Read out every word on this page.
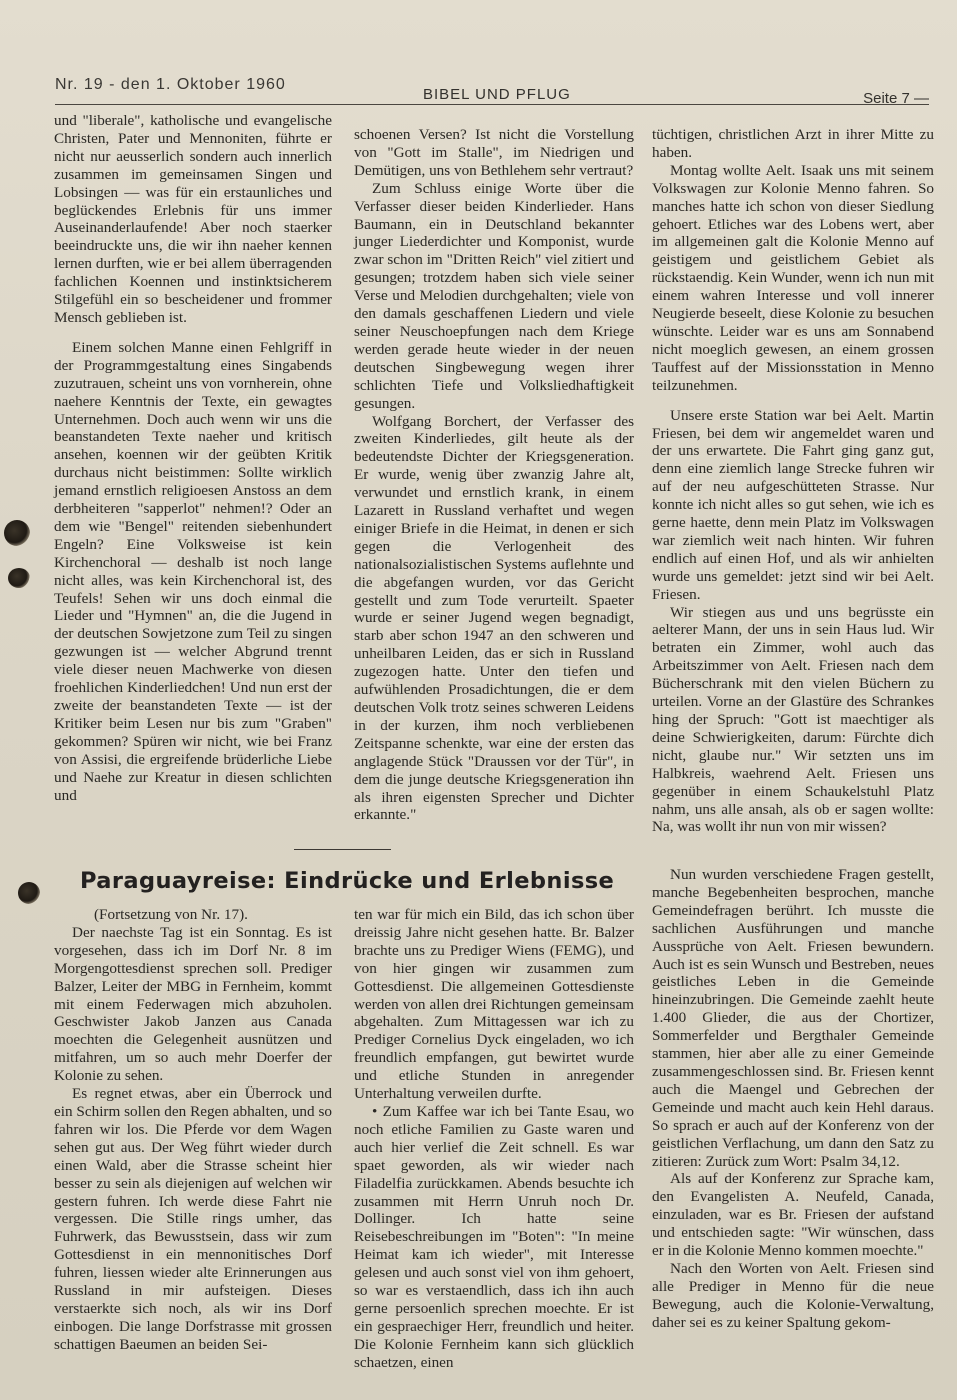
Nr. 19 - den 1. Oktober 1960
BIBEL UND PFLUG	Seite 7 —

und "liberale", katholische und evangelische Christen, Pater und Mennoniten, führte er nicht nur aeusserlich sondern auch innerlich zusammen im gemeinsamen Singen und Lobsingen — was für ein erstaunliches und beglückendes Erlebnis für uns immer Auseinanderlaufende! Aber noch staerker beeindruckte uns, die wir ihn naeher kennen lernen durften, wie er bei allem überragenden fachlichen Koennen und instinktsicherem Stilgefühl ein so bescheidener und frommer Mensch geblieben ist.

Einem solchen Manne einen Fehlgriff in der Programmgestaltung eines Singabends zuzutrauen, scheint uns von vornherein, ohne naehere Kenntnis der Texte, ein gewagtes Unternehmen. Doch auch wenn wir uns die beanstandeten Texte naeher und kritisch ansehen, koennen wir der geübten Kritik durchaus nicht beistimmen: Sollte wirklich jemand ernstlich religioesen Anstoss an dem derbheiteren "sapperlot" nehmen!? Oder an dem wie "Bengel" reitenden siebenhundert Engeln? Eine Volksweise ist kein Kirchenchoral — deshalb ist noch lange nicht alles, was kein Kirchenchoral ist, des Teufels! Sehen wir uns doch einmal die Lieder und "Hymnen" an, die die Jugend in der deutschen Sowjetzone zum Teil zu singen gezwungen ist — welcher Abgrund trennt viele dieser neuen Machwerke von diesen froehlichen Kinderliedchen! Und nun erst der zweite der beanstandeten Texte — ist der Kritiker beim Lesen nur bis zum "Graben" gekommen? Spüren wir nicht, wie bei Franz von Assisi, die ergreifende brüderliche Liebe und Naehe zur Kreatur in diesen schlichten und

schoenen Versen? Ist nicht die Vorstellung von "Gott im Stalle", im Niedrigen und Demütigen, uns von Bethlehem sehr vertraut?

Zum Schluss einige Worte über die Verfasser dieser beiden Kinderlieder. Hans Baumann, ein in Deutschland bekannter junger Liederdichter und Komponist, wurde zwar schon im "Dritten Reich" viel zitiert und gesungen; trotzdem haben sich viele seiner Verse und Melodien durchgehalten; viele von den damals geschaffenen Liedern und viele seiner Neuschoepfungen nach dem Kriege werden gerade heute wieder in der neuen deutschen Singbewegung wegen ihrer schlichten Tiefe und Volksliedhaftigkeit gesungen.

Wolfgang Borchert, der Verfasser des zweiten Kinderliedes, gilt heute als der bedeutendste Dichter der Kriegsgeneration. Er wurde, wenig über zwanzig Jahre alt, verwundet und ernstlich krank, in einem Lazarett in Russland verhaftet und wegen einiger Briefe in die Heimat, in denen er sich gegen die Verlogenheit des nationalsozialistischen Systems auflehnte und die abgefangen wurden, vor das Gericht gestellt und zum Tode verurteilt. Spaeter wurde er seiner Jugend wegen begnadigt, starb aber schon 1947 an den schweren und unheilbaren Leiden, das er sich in Russland zugezogen hatte. Unter den tiefen und aufwühlenden Prosadichtungen, die er dem deutschen Volk trotz seines schweren Leidens in der kurzen, ihm noch verbliebenen Zeitspanne schenkte, war eine der ersten das anglagende Stück "Draussen vor der Tür", in dem die junge deutsche Kriegsgeneration ihn als ihren eigensten Sprecher und Dichter erkannte."

tüchtigen, christlichen Arzt in ihrer Mitte zu haben.

Montag wollte Aelt. Isaak uns mit seinem Volkswagen zur Kolonie Menno fahren. So manches hatte ich schon von dieser Siedlung gehoert. Etliches war des Lobens wert, aber im allgemeinen galt die Kolonie Menno auf geistigem und geistlichem Gebiet als rückstaendig. Kein Wunder, wenn ich nun mit einem wahren Interesse und voll innerer Neugierde beseelt, diese Kolonie zu besuchen wünschte. Leider war es uns am Sonnabend nicht moeglich gewesen, an einem grossen Tauffest auf der Missionsstation in Menno teilzunehmen.

Unsere erste Station war bei Aelt. Martin Friesen, bei dem wir angemeldet waren und der uns erwartete. Die Fahrt ging ganz gut, denn eine ziemlich lange Strecke fuhren wir auf der neu aufgeschütteten Strasse. Nur konnte ich nicht alles so gut sehen, wie ich es gerne haette, denn mein Platz im Volkswagen war ziemlich weit nach hinten. Wir fuhren endlich auf einen Hof, und als wir anhielten wurde uns gemeldet: jetzt sind wir bei Aelt. Friesen.

Wir stiegen aus und uns begrüsste ein aelterer Mann, der uns in sein Haus lud. Wir betraten ein Zimmer, wohl auch das Arbeitszimmer von Aelt. Friesen nach dem Bücherschrank mit den vielen Büchern zu urteilen. Vorne an der Glastüre des Schrankes hing der Spruch: "Gott ist maechtiger als deine Schwierigkeiten, darum: Fürchte dich nicht, glaube nur." Wir setzten uns im Halbkreis, waehrend Aelt. Friesen uns gegenüber in einem Schaukelstuhl Platz nahm, uns alle ansah, als ob er sagen wollte: Na, was wollt ihr nun von mir wissen?

Paraguayreise: Eindrücke und Erlebnisse

(Fortsetzung von Nr. 17).

Der naechste Tag ist ein Sonntag. Es ist vorgesehen, dass ich im Dorf Nr. 8 im Morgengottesdienst sprechen soll. Prediger Balzer, Leiter der MBG in Fernheim, kommt mit einem Federwagen mich abzuholen. Geschwister Jakob Janzen aus Canada moechten die Gelegenheit ausnützen und mitfahren, um so auch mehr Doerfer der Kolonie zu sehen.

Es regnet etwas, aber ein Überrock und ein Schirm sollen den Regen abhalten, und so fahren wir los. Die Pferde vor dem Wagen sehen gut aus. Der Weg führt wieder durch einen Wald, aber die Strasse scheint hier besser zu sein als diejenigen auf welchen wir gestern fuhren. Ich werde diese Fahrt nie vergessen. Die Stille rings umher, das Fuhrwerk, das Bewusstsein, dass wir zum Gottesdienst in ein mennonitisches Dorf fuhren, liessen wieder alte Erinnerungen aus Russland in mir aufsteigen. Dieses verstaerkte sich noch, als wir ins Dorf einbogen. Die lange Dorfstrasse mit grossen schattigen Baeumen an beiden Sei-

ten war für mich ein Bild, das ich schon über dreissig Jahre nicht gesehen hatte. Br. Balzer brachte uns zu Prediger Wiens (FEMG), und von hier gingen wir zusammen zum Gottesdienst. Die allgemeinen Gottesdienste werden von allen drei Richtungen gemeinsam abgehalten. Zum Mittagessen war ich zu Prediger Cornelius Dyck eingeladen, wo ich freundlich empfangen, gut bewirtet wurde und etliche Stunden in anregender Unterhaltung verweilen durfte.

• Zum Kaffee war ich bei Tante Esau, wo noch etliche Familien zu Gaste waren und auch hier verlief die Zeit schnell. Es war spaet geworden, als wir wieder nach Filadelfia zurückkamen. Abends besuchte ich zusammen mit Herrn Unruh noch Dr. Dollinger. Ich hatte seine Reisebeschreibungen im "Boten": "In meine Heimat kam ich wieder", mit Interesse gelesen und auch sonst viel von ihm gehoert, so war es verstaendlich, dass ich ihn auch gerne persoenlich sprechen moechte. Er ist ein gespraechiger Herr, freundlich und heiter. Die Kolonie Fernheim kann sich glücklich schaetzen, einen

Nun wurden verschiedene Fragen gestellt, manche Begebenheiten besprochen, manche Gemeindefragen berührt. Ich musste die sachlichen Ausführungen und manche Aussprüche von Aelt. Friesen bewundern. Auch ist es sein Wunsch und Bestreben, neues geistliches Leben in die Gemeinde hineinzubringen. Die Gemeinde zaehlt heute 1.400 Glieder, die aus der Chortizer, Sommerfelder und Bergthaler Gemeinde stammen, hier aber alle zu einer Gemeinde zusammengeschlossen sind. Br. Friesen kennt auch die Maengel und Gebrechen der Gemeinde und macht auch kein Hehl daraus. So sprach er auch auf der Konferenz von der geistlichen Verflachung, um dann den Satz zu zitieren: Zurück zum Wort: Psalm 34,12.

Als auf der Konferenz zur Sprache kam, den Evangelisten A. Neufeld, Canada, einzuladen, war es Br. Friesen der aufstand und entschieden sagte: "Wir wünschen, dass er in die Kolonie Menno kommen moechte."

Nach den Worten von Aelt. Friesen sind alle Prediger in Menno für die neue Bewegung, auch die Kolonie-Verwaltung, daher sei es zu keiner Spaltung gekom-
